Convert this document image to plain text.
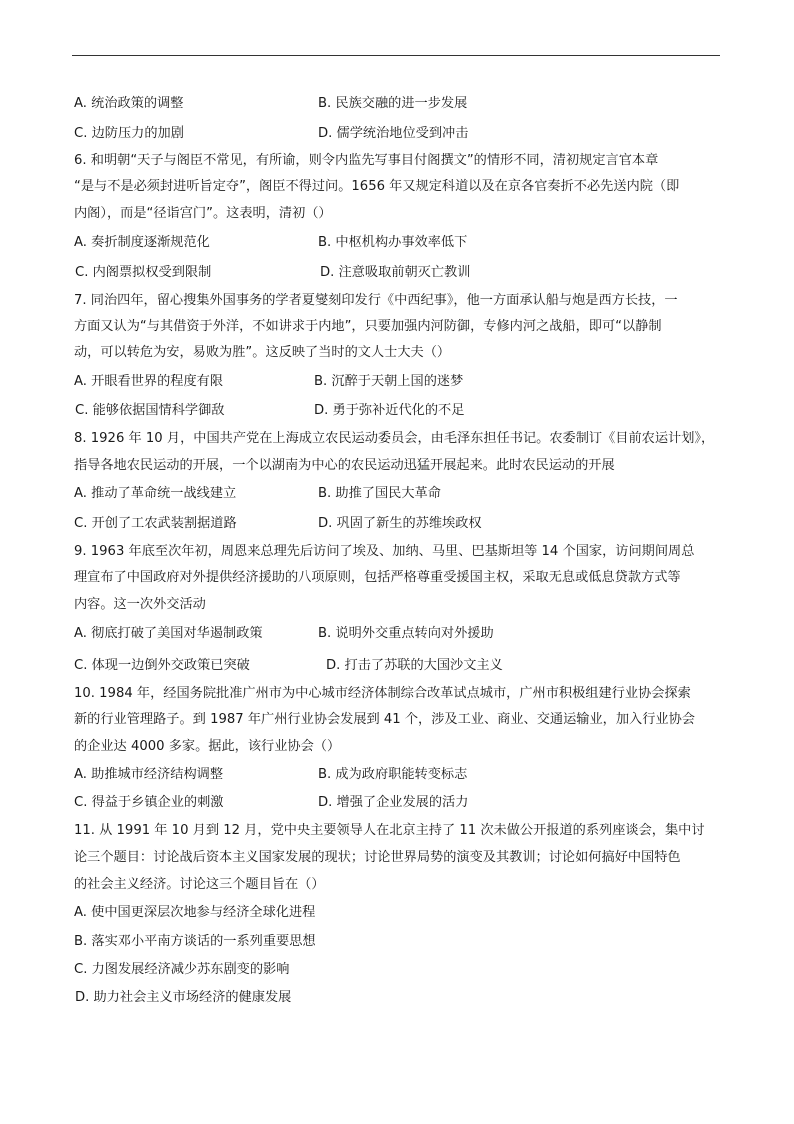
A. 统治政策的调整	B. 民族交融的进一步发展
C. 边防压力的加剧	D. 儒学统治地位受到冲击
6. 和明朝“天子与阁臣不常见，有所谕，则令内监先写事目付阁撰文”的情形不同，清初规定言官本章
“是与不是必须封进听旨定夺”，阁臣不得过问。1656 年又规定科道以及在京各官奏折不必先送内院（即
内阁），而是“径诣宫门”。这表明，清初（）
A. 奏折制度逐渐规范化	B. 中枢机构办事效率低下
C. 内阁票拟权受到限制	D. 注意吸取前朝灭亡教训
7. 同治四年，留心搜集外国事务的学者夏燮刻印发行《中西纪事》，他一方面承认船与炮是西方长技，一
方面又认为“与其借资于外洋，不如讲求于内地”，只要加强内河防御，专修内河之战船，即可“以静制
动，可以转危为安，易败为胜”。这反映了当时的文人士大夫（）
A. 开眼看世界的程度有限	B. 沉醉于天朝上国的迷梦
C. 能够依据国情科学御敌	D. 勇于弥补近代化的不足
8. 1926 年 10 月，中国共产党在上海成立农民运动委员会，由毛泽东担任书记。农委制订《目前农运计划》，
指导各地农民运动的开展，一个以湖南为中心的农民运动迅猛开展起来。此时农民运动的开展
A. 推动了革命统一战线建立	B. 助推了国民大革命
C. 开创了工农武装割据道路	D. 巩固了新生的苏维埃政权
9. 1963 年底至次年初，周恩来总理先后访问了埃及、加纳、马里、巴基斯坦等 14 个国家，访问期间周总
理宣布了中国政府对外提供经济援助的八项原则，包括严格尊重受援国主权，采取无息或低息贷款方式等
内容。这一次外交活动
A. 彻底打破了美国对华遏制政策	B. 说明外交重点转向对外援助
C. 体现一边倒外交政策已突破	D. 打击了苏联的大国沙文主义
10. 1984 年，经国务院批准广州市为中心城市经济体制综合改革试点城市，广州市积极组建行业协会探索
新的行业管理路子。到 1987 年广州行业协会发展到 41 个，涉及工业、商业、交通运输业，加入行业协会
的企业达 4000 多家。据此，该行业协会（）
A. 助推城市经济结构调整	B. 成为政府职能转变标志
C. 得益于乡镇企业的刺激	D. 增强了企业发展的活力
11. 从 1991 年 10 月到 12 月，党中央主要领导人在北京主持了 11 次未做公开报道的系列座谈会，集中讨
论三个题目：讨论战后资本主义国家发展的现状；讨论世界局势的演变及其教训；讨论如何搞好中国特色
的社会主义经济。讨论这三个题目旨在（）
A. 使中国更深层次地参与经济全球化进程
B. 落实邓小平南方谈话的一系列重要思想
C. 力图发展经济减少苏东剧变的影响
D. 助力社会主义市场经济的健康发展
